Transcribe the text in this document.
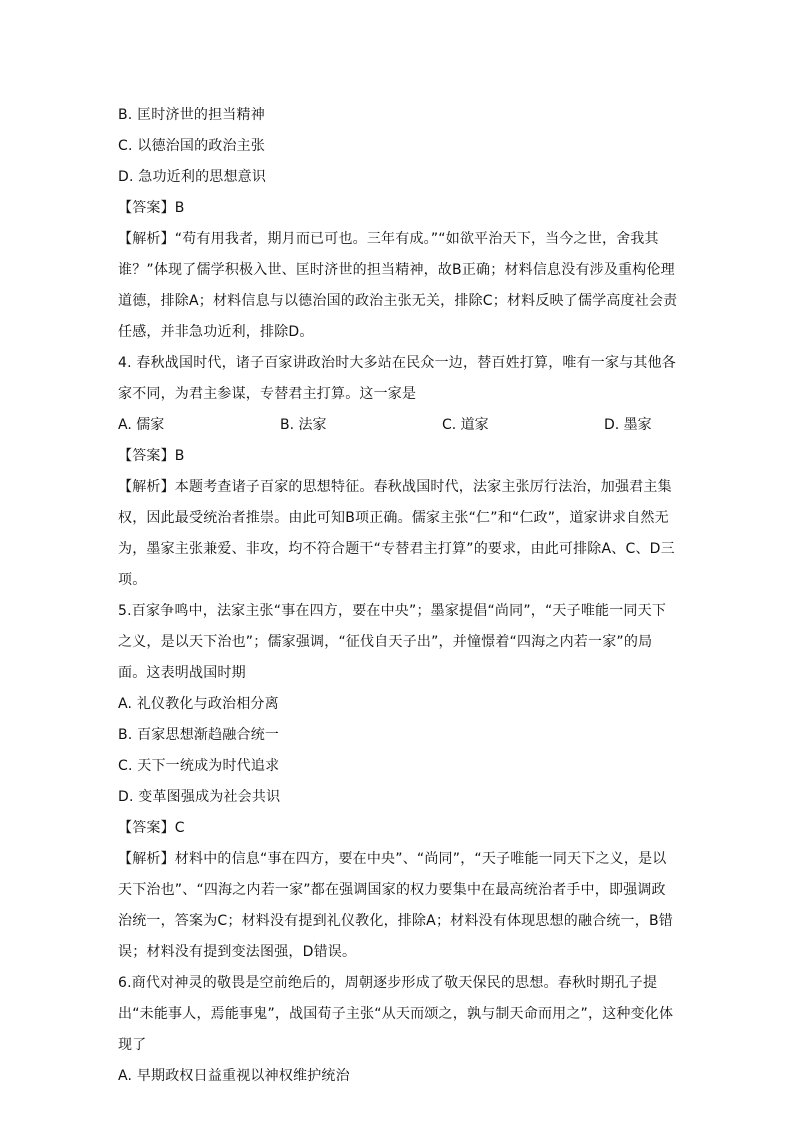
B. 匡时济世的担当精神
C. 以德治国的政治主张
D. 急功近利的思想意识
【答案】B
【解析】“苟有用我者，期月而已可也。三年有成。”“如欲平治天下，当今之世，舍我其谁？”体现了儒学积极入世、匡时济世的担当精神，故B正确；材料信息没有涉及重构伦理道德，排除A；材料信息与以德治国的政治主张无关，排除C；材料反映了儒学高度社会责任感，并非急功近利，排除D。
4. 春秋战国时代，诸子百家讲政治时大多站在民众一边，替百姓打算，唯有一家与其他各家不同，为君主参谋，专替君主打算。这一家是
A. 儒家	B. 法家	C. 道家	D. 墨家
【答案】B
【解析】本题考查诸子百家的思想特征。春秋战国时代，法家主张厉行法治，加强君主集权，因此最受统治者推崇。由此可知B项正确。儒家主张“仁”和“仁政”，道家讲求自然无为，墨家主张兼爱、非攻，均不符合题干“专替君主打算”的要求，由此可排除A、C、D三项。
5.百家争鸣中，法家主张“事在四方，要在中央”；墨家提倡“尚同”，“天子唯能一同天下之义，是以天下治也”；儒家强调，“征伐自天子出”，并憧憬着“四海之内若一家”的局面。这表明战国时期
A. 礼仪教化与政治相分离
B. 百家思想渐趋融合统一
C. 天下一统成为时代追求
D. 变革图强成为社会共识
【答案】C
【解析】材料中的信息“事在四方，要在中央”、“尚同”，“天子唯能一同天下之义，是以天下治也”、“四海之内若一家”都在强调国家的权力要集中在最高统治者手中，即强调政治统一，答案为C；材料没有提到礼仪教化，排除A；材料没有体现思想的融合统一，B错误；材料没有提到变法图强，D错误。
6.商代对神灵的敬畏是空前绝后的，周朝逐步形成了敬天保民的思想。春秋时期孔子提出“未能事人，焉能事鬼”，战国荀子主张“从天而颂之，孰与制天命而用之”，这种变化体现了
A. 早期政权日益重视以神权维护统治
